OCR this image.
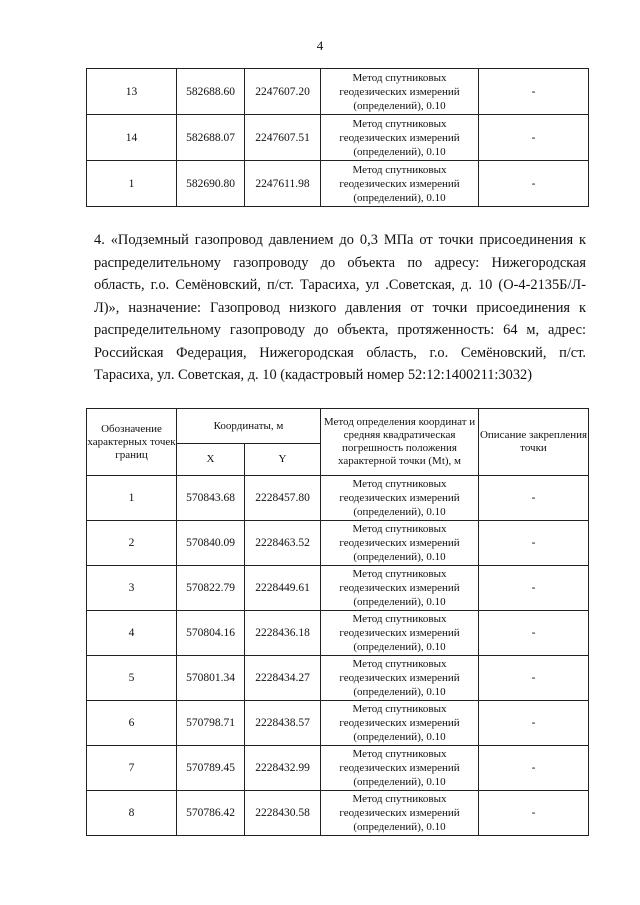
4
13	582688.60	2247607.20	Метод спутниковых
геодезических измерений
(определений), 0.10	-
14	582688.07	2247607.51	Метод спутниковых
геодезических измерений
(определений), 0.10	-
1	582690.80	2247611.98	Метод спутниковых
геодезических измерений
(определений), 0.10	-
4. «Подземный газопровод давлением до 0,3 МПа от точки присоединения к распределительному газопроводу до объекта по адресу: Нижегородская область, г.о. Семёновский, п/ст. Тарасиха, ул .Советская, д. 10 (О-4-2135Б/Л-Л)», назначение: Газопровод низкого давления от точки присоединения к распределительному газопроводу до объекта, протяженность: 64 м, адрес: Российская Федерация, Нижегородская область, г.о. Семёновский, п/ст. Тарасиха, ул. Советская, д. 10 (кадастровый номер 52:12:1400211:3032)
Обозначение характерных точек границ	Координаты, м		Метод определения координат и средняя квадратическая погрешность положения характерной точки (Mt), м	Описание закрепления точки
	X	Y		
1	570843.68	2228457.80	Метод спутниковых
геодезических измерений
(определений), 0.10	-
2	570840.09	2228463.52	Метод спутниковых
геодезических измерений
(определений), 0.10	-
3	570822.79	2228449.61	Метод спутниковых
геодезических измерений
(определений), 0.10	-
4	570804.16	2228436.18	Метод спутниковых
геодезических измерений
(определений), 0.10	-
5	570801.34	2228434.27	Метод спутниковых
геодезических измерений
(определений), 0.10	-
6	570798.71	2228438.57	Метод спутниковых
геодезических измерений
(определений), 0.10	-
7	570789.45	2228432.99	Метод спутниковых
геодезических измерений
(определений), 0.10	-
8	570786.42	2228430.58	Метод спутниковых
геодезических измерений
(определений), 0.10	-
